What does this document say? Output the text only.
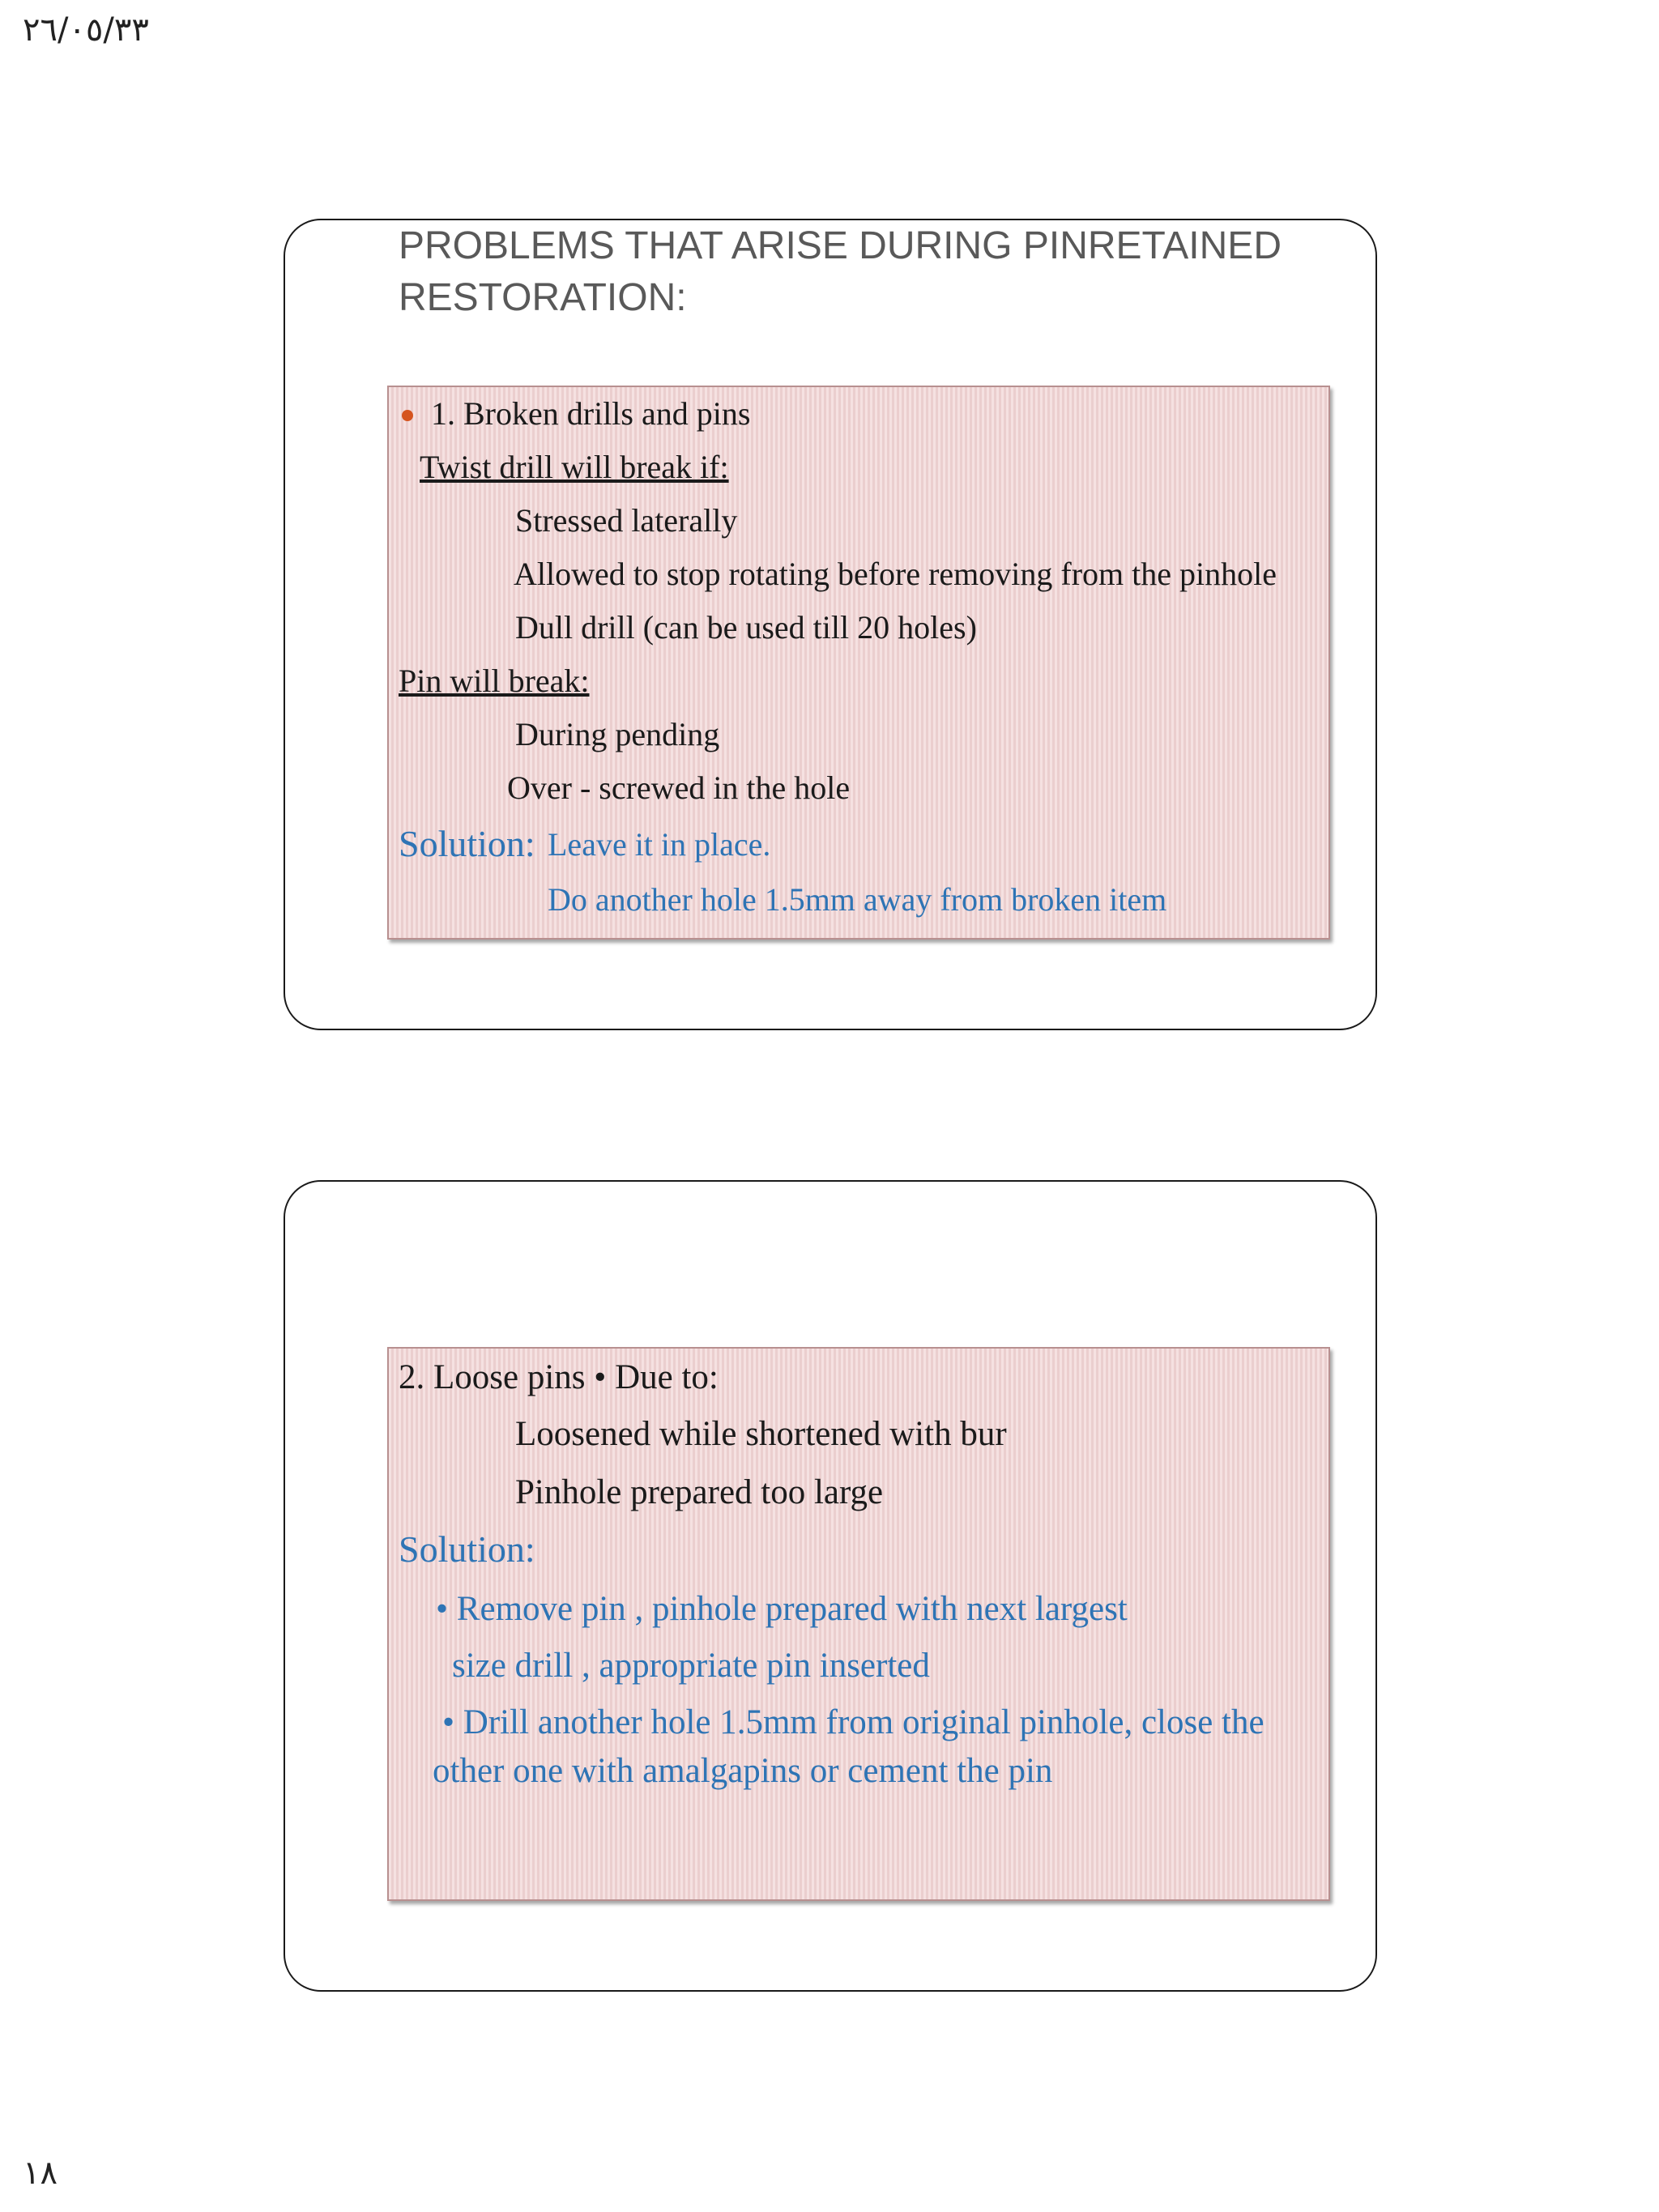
٢٦/٠٥/٣٣
PROBLEMS THAT ARISE DURING PINRETAINED
RESTORATION:
1. Broken drills and pins
Twist drill will break if:
Stressed laterally
Allowed to stop rotating before removing from the pinhole
Dull drill (can be used till 20 holes)
Pin will break:
During pending
Over - screwed in the hole
Solution: Leave it in place.
Do another hole 1.5mm away from broken item
2. Loose pins • Due to:
Loosened while shortened with bur
Pinhole prepared too large
Solution:
• Remove pin , pinhole prepared with next largest
size drill , appropriate pin inserted
• Drill another hole 1.5mm from original pinhole, close the
other one with amalgapins or cement the pin
١٨
